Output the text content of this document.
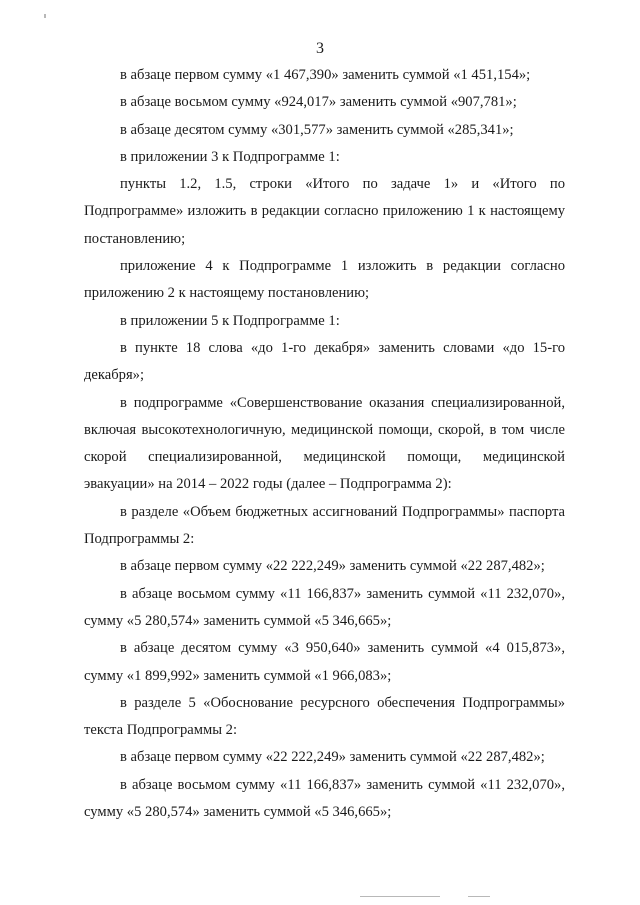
3

в абзаце первом сумму «1 467,390» заменить суммой «1 451,154»;

в абзаце восьмом сумму «924,017» заменить суммой «907,781»;

в абзаце десятом сумму «301,577» заменить суммой «285,341»;

в приложении 3 к Подпрограмме 1:

пункты 1.2, 1.5, строки «Итого по задаче 1» и «Итого по Подпрограмме» изложить в редакции согласно приложению 1 к настоящему постановлению;

приложение 4 к Подпрограмме 1 изложить в редакции согласно приложению 2 к настоящему постановлению;

в приложении 5 к Подпрограмме 1:

в пункте 18 слова «до 1-го декабря» заменить словами «до 15-го декабря»;

в подпрограмме «Совершенствование оказания специализированной, включая высокотехнологичную, медицинской помощи, скорой, в том числе скорой специализированной, медицинской помощи, медицинской эвакуации» на 2014 – 2022 годы (далее – Подпрограмма 2):

в разделе «Объем бюджетных ассигнований Подпрограммы» паспорта Подпрограммы 2:

в абзаце первом сумму «22 222,249» заменить суммой «22 287,482»;

в абзаце восьмом сумму «11 166,837» заменить суммой «11 232,070», сумму «5 280,574» заменить суммой «5 346,665»;

в абзаце десятом сумму «3 950,640» заменить суммой «4 015,873», сумму «1 899,992» заменить суммой «1 966,083»;

в разделе 5 «Обоснование ресурсного обеспечения Подпрограммы» текста Подпрограммы 2:

в абзаце первом сумму «22 222,249» заменить суммой «22 287,482»;

в абзаце восьмом сумму «11 166,837» заменить суммой «11 232,070», сумму «5 280,574» заменить суммой «5 346,665»;
